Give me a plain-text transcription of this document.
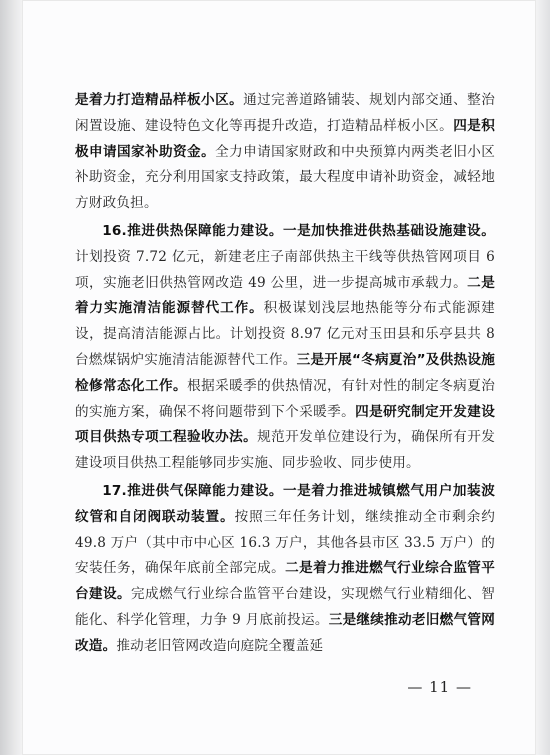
是着力打造精品样板小区。通过完善道路铺装、规划内部交通、整治闲置设施、建设特色文化等再提升改造，打造精品样板小区。四是积极申请国家补助资金。全力申请国家财政和中央预算内两类老旧小区补助资金，充分利用国家支持政策，最大程度申请补助资金，减轻地方财政负担。

16.推进供热保障能力建设。一是加快推进供热基础设施建设。计划投资 7.72 亿元，新建老庄子南部供热主干线等供热管网项目 6 项，实施老旧供热管网改造 49 公里，进一步提高城市承载力。二是着力实施清洁能源替代工作。积极谋划浅层地热能等分布式能源建设，提高清洁能源占比。计划投资 8.97 亿元对玉田县和乐亭县共 8 台燃煤锅炉实施清洁能源替代工作。三是开展“冬病夏治”及供热设施检修常态化工作。根据采暖季的供热情况，有针对性的制定冬病夏治的实施方案，确保不将问题带到下个采暖季。四是研究制定开发建设项目供热专项工程验收办法。规范开发单位建设行为，确保所有开发建设项目供热工程能够同步实施、同步验收、同步使用。

17.推进供气保障能力建设。一是着力推进城镇燃气用户加装波纹管和自闭阀联动装置。按照三年任务计划，继续推动全市剩余约 49.8 万户（其中市中心区 16.3 万户，其他各县市区 33.5 万户）的安装任务，确保年底前全部完成。二是着力推进燃气行业综合监管平台建设。完成燃气行业综合监管平台建设，实现燃气行业精细化、智能化、科学化管理，力争 9 月底前投运。三是继续推动老旧燃气管网改造。推动老旧管网改造向庭院全覆盖延

— 11 —
